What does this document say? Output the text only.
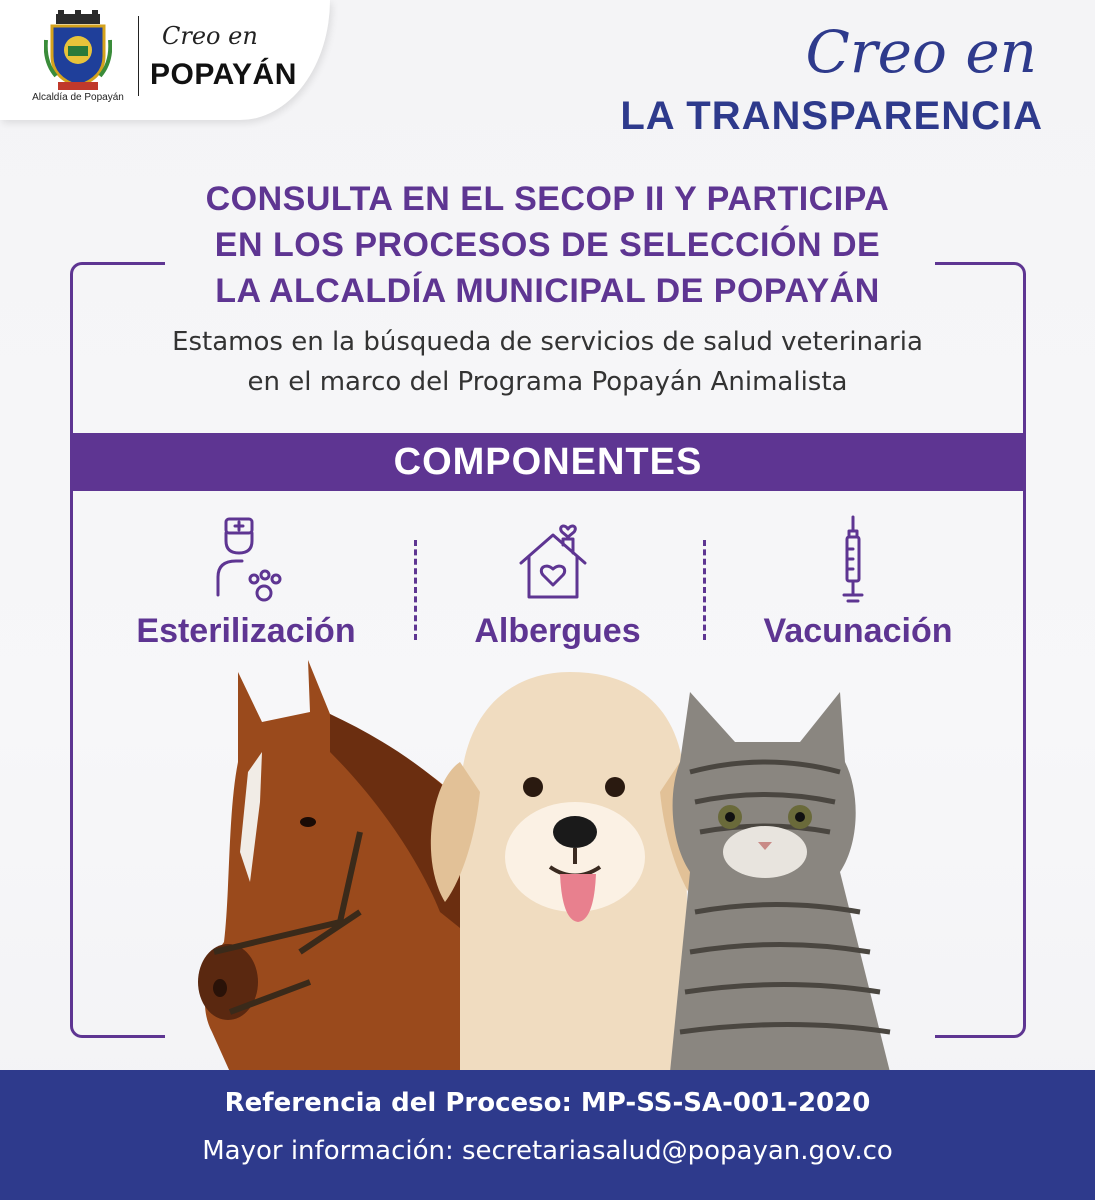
Alcaldía de Popayán
Creo en
POPAYÁN	Creo en
LA TRANSPARENCIA
CONSULTA EN EL SECOP II Y PARTICIPA
EN LOS PROCESOS DE SELECCIÓN DE
LA ALCALDÍA MUNICIPAL DE POPAYÁN
Estamos en la búsqueda de servicios de salud veterinaria
en el marco del Programa Popayán Animalista
COMPONENTES
Esterilización	Albergues	Vacunación
Referencia del Proceso: MP-SS-SA-001-2020
Mayor información: secretariasalud@popayan.gov.co
